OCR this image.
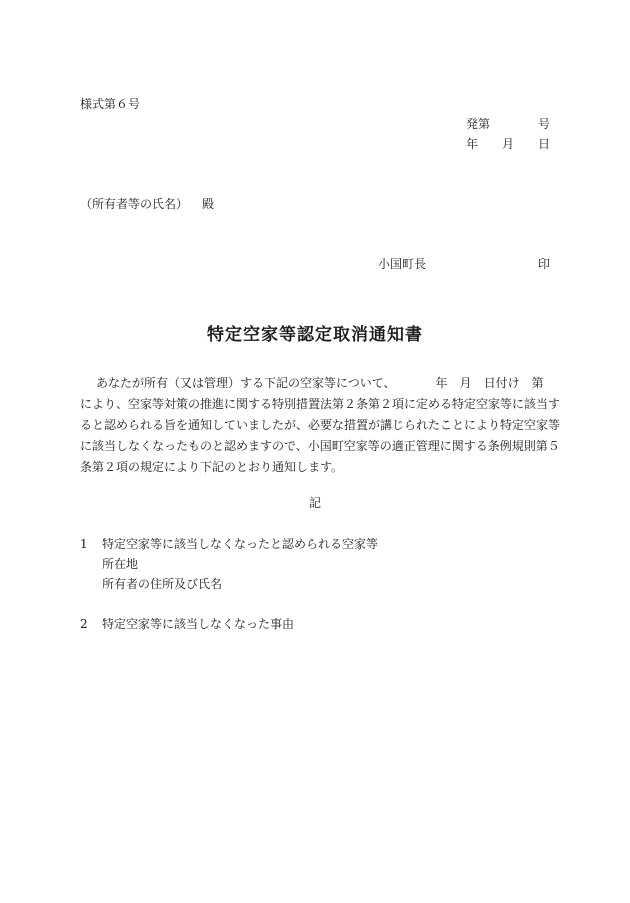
様式第６号
発第	号
年 月 日
（所有者等の氏名） 殿
小国町長	印
特定空家等認定取消通知書
あなたが所有（又は管理）する下記の空家等について、	年 月 日付け 第
により、空家等対策の推進に関する特別措置法第２条第２項に定める特定空家等に該当す
ると認められる旨を通知していましたが、必要な措置が講じられたことにより特定空家等
に該当しなくなったものと認めますので、小国町空家等の適正管理に関する条例規則第５
条第２項の規定により下記のとおり通知します。
記
1 特定空家等に該当しなくなったと認められる空家等
所在地
所有者の住所及び氏名
2 特定空家等に該当しなくなった事由
